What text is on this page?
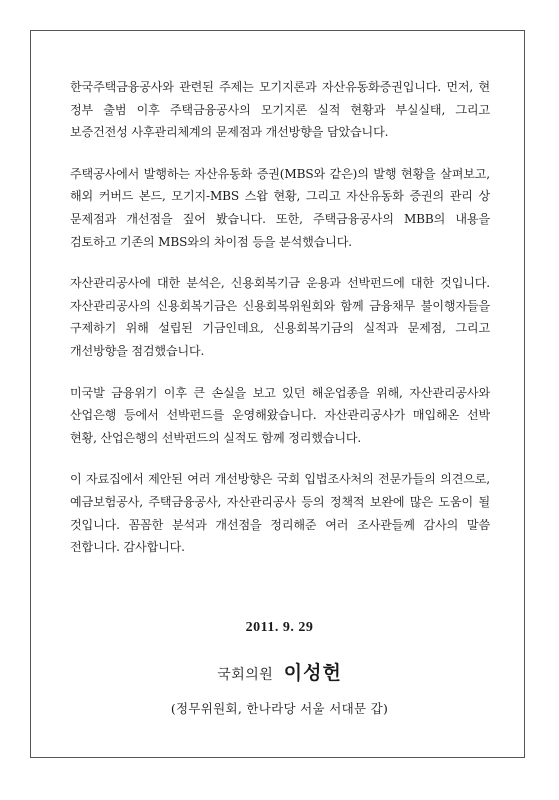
한국주택금융공사와 관련된 주제는 모기지론과 자산유동화증권입니다. 먼저, 현 정부 출범 이후 주택금융공사의 모기지론 실적 현황과 부실실태, 그리고 보증건전성 사후관리체계의 문제점과 개선방향을 담았습니다.

주택공사에서 발행하는 자산유동화 증권(MBS와 같은)의 발행 현황을 살펴보고, 해외 커버드 본드, 모기지-MBS 스왑 현황, 그리고 자산유동화 증권의 관리 상 문제점과 개선점을 짚어 봤습니다. 또한, 주택금융공사의 MBB의 내용을 검토하고 기존의 MBS와의 차이점 등을 분석했습니다.

자산관리공사에 대한 분석은, 신용회복기금 운용과 선박펀드에 대한 것입니다. 자산관리공사의 신용회복기금은 신용회복위원회와 함께 금융채무 불이행자들을 구제하기 위해 설립된 기금인데요, 신용회복기금의 실적과 문제점, 그리고 개선방향을 점검했습니다.

미국발 금융위기 이후 큰 손실을 보고 있던 해운업종을 위해, 자산관리공사와 산업은행 등에서 선박펀드를 운영해왔습니다. 자산관리공사가 매입해온 선박 현황, 산업은행의 선박펀드의 실적도 함께 정리했습니다.

이 자료집에서 제안된 여러 개선방향은 국회 입법조사처의 전문가들의 의견으로, 예금보험공사, 주택금융공사, 자산관리공사 등의 정책적 보완에 많은 도움이 될 것입니다. 꼼꼼한 분석과 개선점을 정리해준 여러 조사관들께 감사의 말씀 전합니다. 감사합니다.

2011. 9. 29
국회의원 이성헌
(정무위원회, 한나라당 서울 서대문 갑)
